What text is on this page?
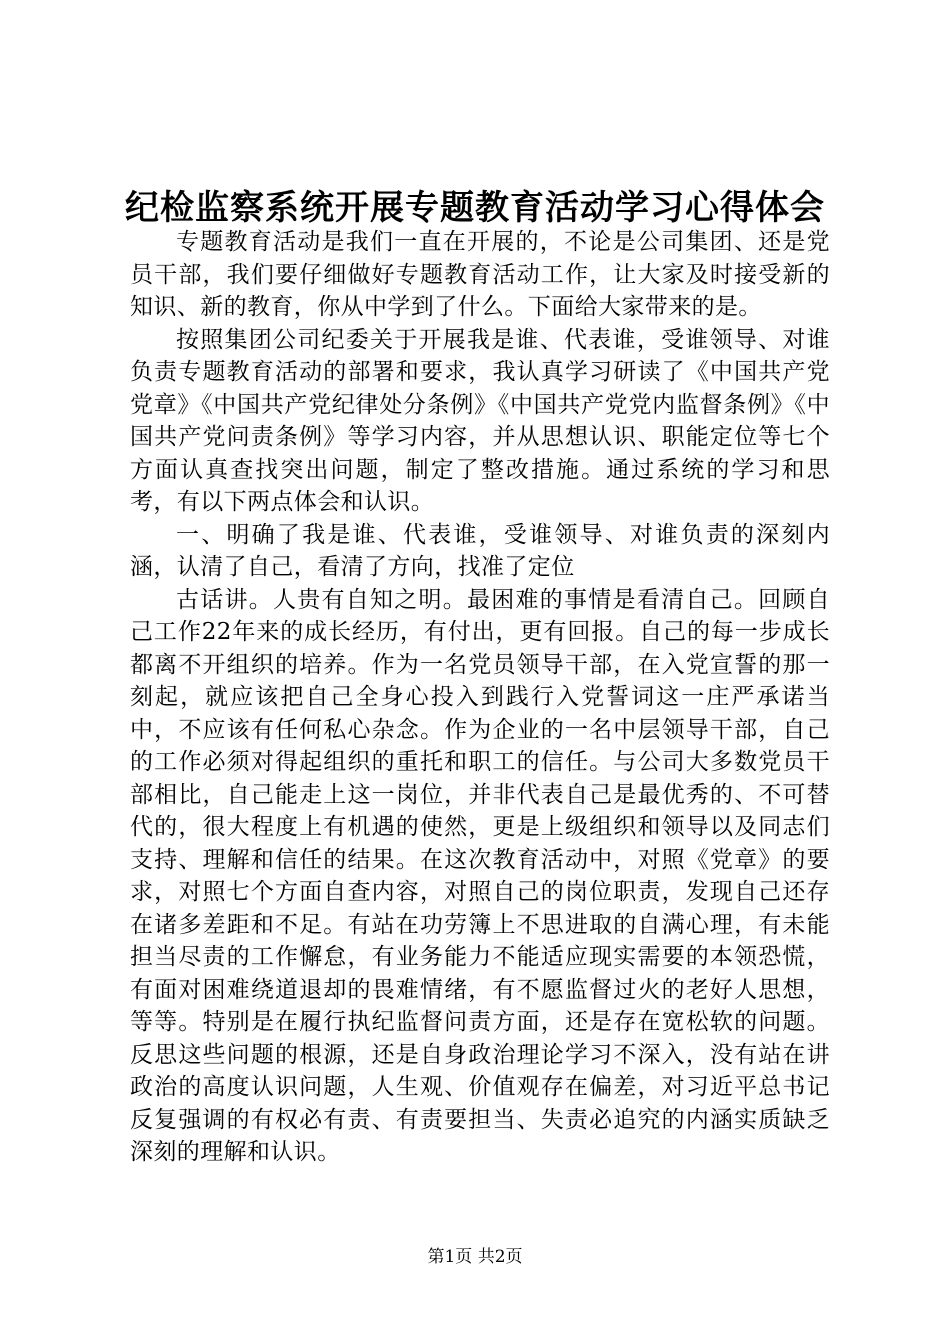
纪检监察系统开展专题教育活动学习心得体会

专题教育活动是我们一直在开展的，不论是公司集团、还是党员干部，我们要仔细做好专题教育活动工作，让大家及时接受新的知识、新的教育，你从中学到了什么。下面给大家带来的是。

按照集团公司纪委关于开展我是谁、代表谁，受谁领导、对谁负责专题教育活动的部署和要求，我认真学习研读了《中国共产党党章》《中国共产党纪律处分条例》《中国共产党党内监督条例》《中国共产党问责条例》等学习内容，并从思想认识、职能定位等七个方面认真查找突出问题，制定了整改措施。通过系统的学习和思考，有以下两点体会和认识。

一、明确了我是谁、代表谁，受谁领导、对谁负责的深刻内涵，认清了自己，看清了方向，找准了定位

古话讲。人贵有自知之明。最困难的事情是看清自己。回顾自己工作22年来的成长经历，有付出，更有回报。自己的每一步成长都离不开组织的培养。作为一名党员领导干部，在入党宣誓的那一刻起，就应该把自己全身心投入到践行入党誓词这一庄严承诺当中，不应该有任何私心杂念。作为企业的一名中层领导干部，自己的工作必须对得起组织的重托和职工的信任。与公司大多数党员干部相比，自己能走上这一岗位，并非代表自己是最优秀的、不可替代的，很大程度上有机遇的使然，更是上级组织和领导以及同志们支持、理解和信任的结果。在这次教育活动中，对照《党章》的要求，对照七个方面自查内容，对照自己的岗位职责，发现自己还存在诸多差距和不足。有站在功劳簿上不思进取的自满心理，有未能担当尽责的工作懈怠，有业务能力不能适应现实需要的本领恐慌，有面对困难绕道退却的畏难情绪，有不愿监督过火的老好人思想，等等。特别是在履行执纪监督问责方面，还是存在宽松软的问题。反思这些问题的根源，还是自身政治理论学习不深入，没有站在讲政治的高度认识问题，人生观、价值观存在偏差，对习近平总书记反复强调的有权必有责、有责要担当、失责必追究的内涵实质缺乏深刻的理解和认识。

第1页 共2页
